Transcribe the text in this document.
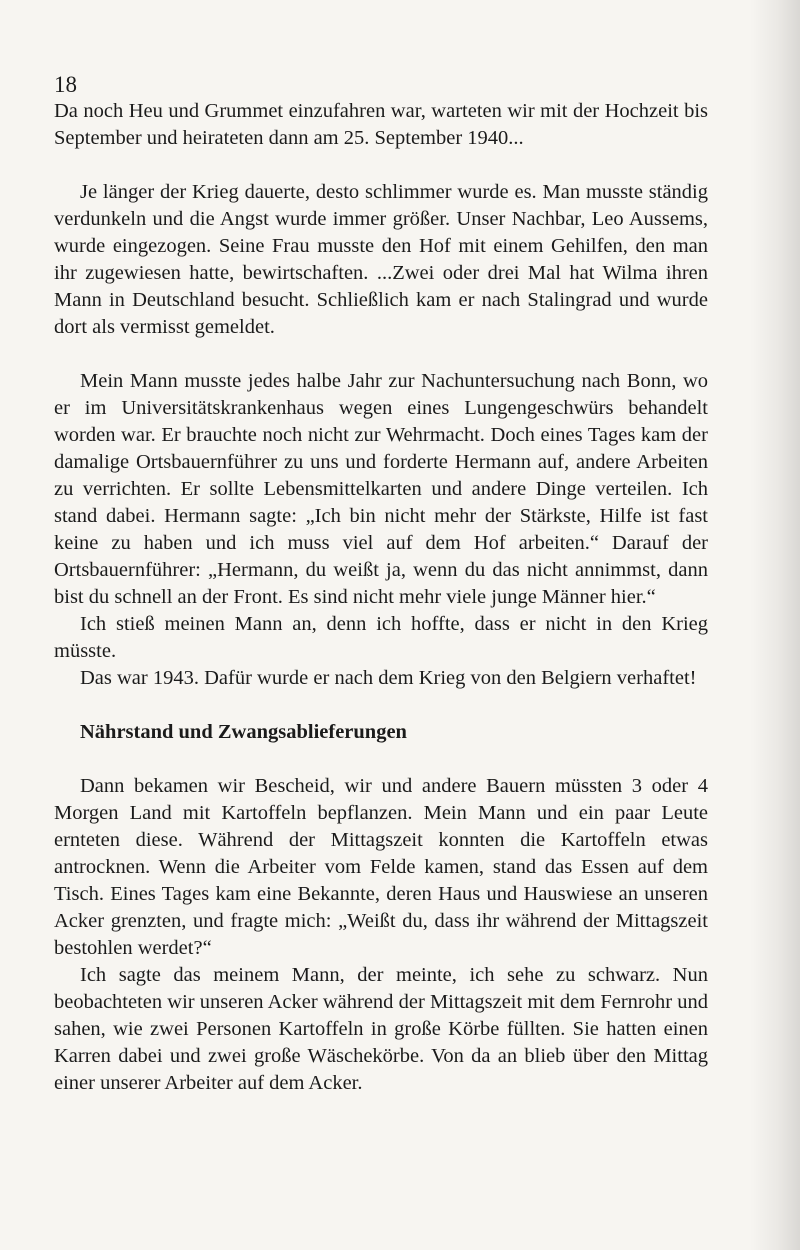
18

Da noch Heu und Grummet einzufahren war, warteten wir mit der Hochzeit bis September und heirateten dann am 25. September 1940...

Je länger der Krieg dauerte, desto schlimmer wurde es. Man musste ständig verdunkeln und die Angst wurde immer größer. Unser Nachbar, Leo Aussems, wurde eingezogen. Seine Frau musste den Hof mit einem Gehilfen, den man ihr zugewiesen hatte, bewirtschaften. ...Zwei oder drei Mal hat Wilma ihren Mann in Deutschland besucht. Schließlich kam er nach Stalingrad und wurde dort als vermisst gemeldet.

Mein Mann musste jedes halbe Jahr zur Nachuntersuchung nach Bonn, wo er im Universitätskrankenhaus wegen eines Lungengeschwürs behandelt worden war. Er brauchte noch nicht zur Wehrmacht. Doch eines Tages kam der damalige Ortsbauernführer zu uns und forderte Hermann auf, andere Arbeiten zu verrichten. Er sollte Lebensmittelkarten und andere Dinge verteilen. Ich stand dabei. Hermann sagte: „Ich bin nicht mehr der Stärkste, Hilfe ist fast keine zu haben und ich muss viel auf dem Hof arbeiten.“ Darauf der Ortsbauernführer: „Hermann, du weißt ja, wenn du das nicht annimmst, dann bist du schnell an der Front. Es sind nicht mehr viele junge Männer hier.“

Ich stieß meinen Mann an, denn ich hoffte, dass er nicht in den Krieg müsste.

Das war 1943. Dafür wurde er nach dem Krieg von den Belgiern verhaftet!

Nährstand und Zwangsablieferungen

Dann bekamen wir Bescheid, wir und andere Bauern müssten 3 oder 4 Morgen Land mit Kartoffeln bepflanzen. Mein Mann und ein paar Leute ernteten diese. Während der Mittagszeit konnten die Kartoffeln etwas antrocknen. Wenn die Arbeiter vom Felde kamen, stand das Essen auf dem Tisch. Eines Tages kam eine Bekannte, deren Haus und Hauswiese an unseren Acker grenzten, und fragte mich: „Weißt du, dass ihr während der Mittagszeit bestohlen werdet?“

Ich sagte das meinem Mann, der meinte, ich sehe zu schwarz. Nun beobachteten wir unseren Acker während der Mittagszeit mit dem Fernrohr und sahen, wie zwei Personen Kartoffeln in große Körbe füllten. Sie hatten einen Karren dabei und zwei große Wäschekörbe. Von da an blieb über den Mittag einer unserer Arbeiter auf dem Acker.
